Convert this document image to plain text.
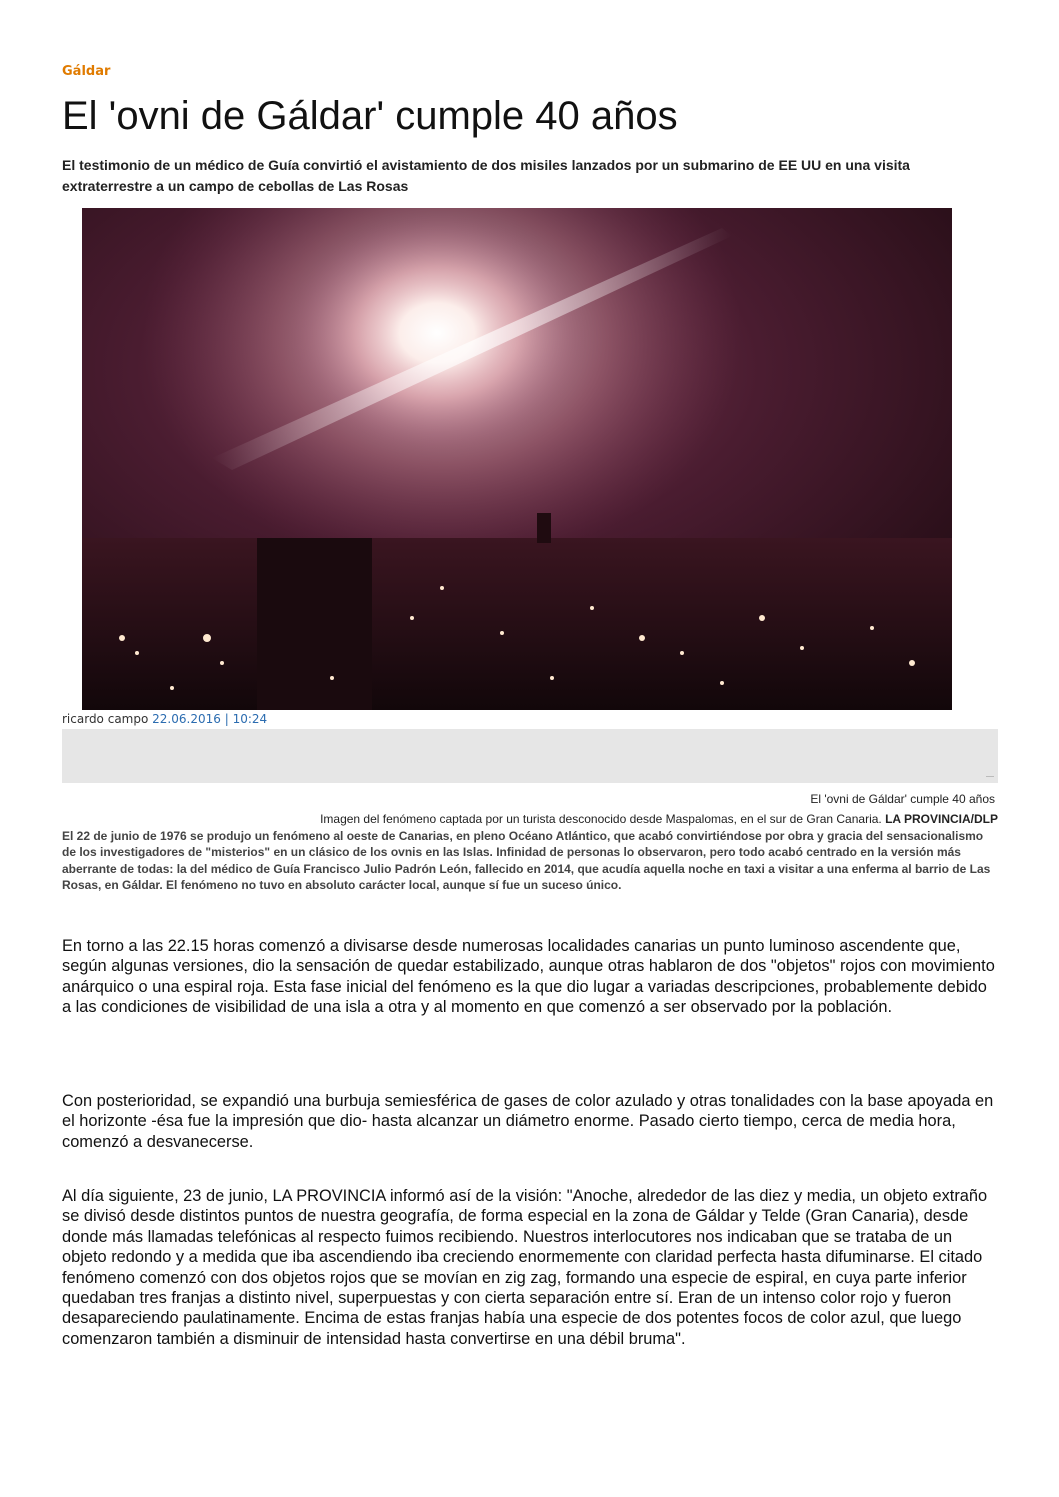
Gáldar
El 'ovni de Gáldar' cumple 40 años

El testimonio de un médico de Guía convirtió el avistamiento de dos misiles lanzados por un submarino de EE UU en una visita extraterrestre a un campo de cebollas de Las Rosas

ricardo campo 22.06.2016 | 10:24
El 'ovni de Gáldar' cumple 40 años
Imagen del fenómeno captada por un turista desconocido desde Maspalomas, en el sur de Gran Canaria. LA PROVINCIA/DLP
El 22 de junio de 1976 se produjo un fenómeno al oeste de Canarias, en pleno Océano Atlántico, que acabó convirtiéndose por obra y gracia del sensacionalismo de los investigadores de "misterios" en un clásico de los ovnis en las Islas. Infinidad de personas lo observaron, pero todo acabó centrado en la versión más aberrante de todas: la del médico de Guía Francisco Julio Padrón León, fallecido en 2014, que acudía aquella noche en taxi a visitar a una enferma al barrio de Las Rosas, en Gáldar. El fenómeno no tuvo en absoluto carácter local, aunque sí fue un suceso único.

En torno a las 22.15 horas comenzó a divisarse desde numerosas localidades canarias un punto luminoso ascendente que, según algunas versiones, dio la sensación de quedar estabilizado, aunque otras hablaron de dos "objetos" rojos con movimiento anárquico o una espiral roja. Esta fase inicial del fenómeno es la que dio lugar a variadas descripciones, probablemente debido a las condiciones de visibilidad de una isla a otra y al momento en que comenzó a ser observado por la población.

Con posterioridad, se expandió una burbuja semiesférica de gases de color azulado y otras tonalidades con la base apoyada en el horizonte -ésa fue la impresión que dio- hasta alcanzar un diámetro enorme. Pasado cierto tiempo, cerca de media hora, comenzó a desvanecerse.

Al día siguiente, 23 de junio, LA PROVINCIA informó así de la visión: "Anoche, alrededor de las diez y media, un objeto extraño se divisó desde distintos puntos de nuestra geografía, de forma especial en la zona de Gáldar y Telde (Gran Canaria), desde donde más llamadas telefónicas al respecto fuimos recibiendo. Nuestros interlocutores nos indicaban que se trataba de un objeto redondo y a medida que iba ascendiendo iba creciendo enormemente con claridad perfecta hasta difuminarse. El citado fenómeno comenzó con dos objetos rojos que se movían en zig zag, formando una especie de espiral, en cuya parte inferior quedaban tres franjas a distinto nivel, superpuestas y con cierta separación entre sí. Eran de un intenso color rojo y fueron desapareciendo paulatinamente. Encima de estas franjas había una especie de dos potentes focos de color azul, que luego comenzaron también a disminuir de intensidad hasta convertirse en una débil bruma".
